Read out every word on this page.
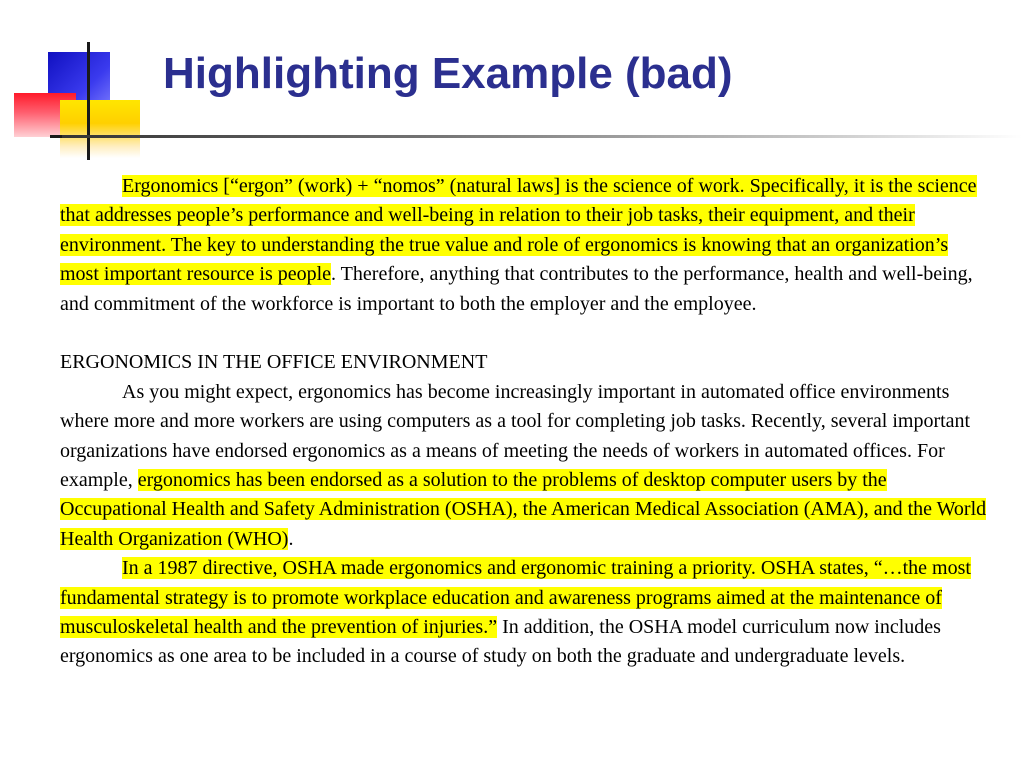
Highlighting Example (bad)

Ergonomics [“ergon” (work) + “nomos” (natural laws] is the science of work. Specifically, it is the science that addresses people’s performance and well-being in relation to their job tasks, their equipment, and their environment. The key to understanding the true value and role of ergonomics is knowing that an organization’s most important resource is people. Therefore, anything that contributes to the performance, health and well-being, and commitment of the workforce is important to both the employer and the employee.

ERGONOMICS IN THE OFFICE ENVIRONMENT

As you might expect, ergonomics has become increasingly important in automated office environments where more and more workers are using computers as a tool for completing job tasks. Recently, several important organizations have endorsed ergonomics as a means of meeting the needs of workers in automated offices. For example, ergonomics has been endorsed as a solution to the problems of desktop computer users by the Occupational Health and Safety Administration (OSHA), the American Medical Association (AMA), and the World Health Organization (WHO).

In a 1987 directive, OSHA made ergonomics and ergonomic training a priority. OSHA states, “…the most fundamental strategy is to promote workplace education and awareness programs aimed at the maintenance of musculoskeletal health and the prevention of injuries.” In addition, the OSHA model curriculum now includes ergonomics as one area to be included in a course of study on both the graduate and undergraduate levels.
